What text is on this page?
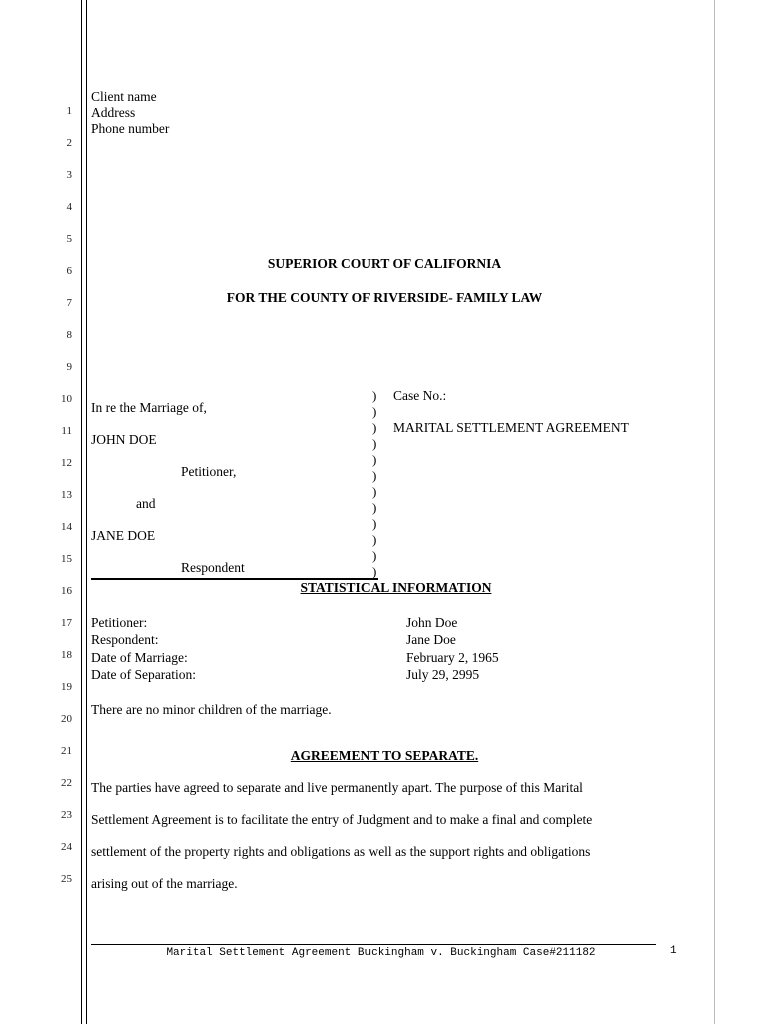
1
2
3
4
5
6
7
8
9
10
11
12
13
14
15
16
17
18
19
20
21
22
23
24
25
Client name
Address
Phone number
SUPERIOR COURT OF CALIFORNIA
FOR THE COUNTY OF RIVERSIDE- FAMILY LAW
In re the Marriage of,
JOHN DOE
Petitioner,
and
JANE DOE
Respondent
)
)
)
)
)
)
)
)
)
)
)
)
Case No.:
MARITAL SETTLEMENT AGREEMENT
STATISTICAL INFORMATION
Petitioner:	John Doe
Respondent:	Jane Doe
Date of Marriage:	February 2, 1965
Date of Separation:	July 29, 2995
There are no minor children of the marriage.
AGREEMENT TO SEPARATE.
The parties have agreed to separate and live permanently apart. The purpose of this Marital
Settlement Agreement is to facilitate the entry of Judgment and to make a final and complete
settlement of the property rights and obligations as well as the support rights and obligations
arising out of the marriage.
Marital Settlement Agreement Buckingham v. Buckingham Case#211182	1
